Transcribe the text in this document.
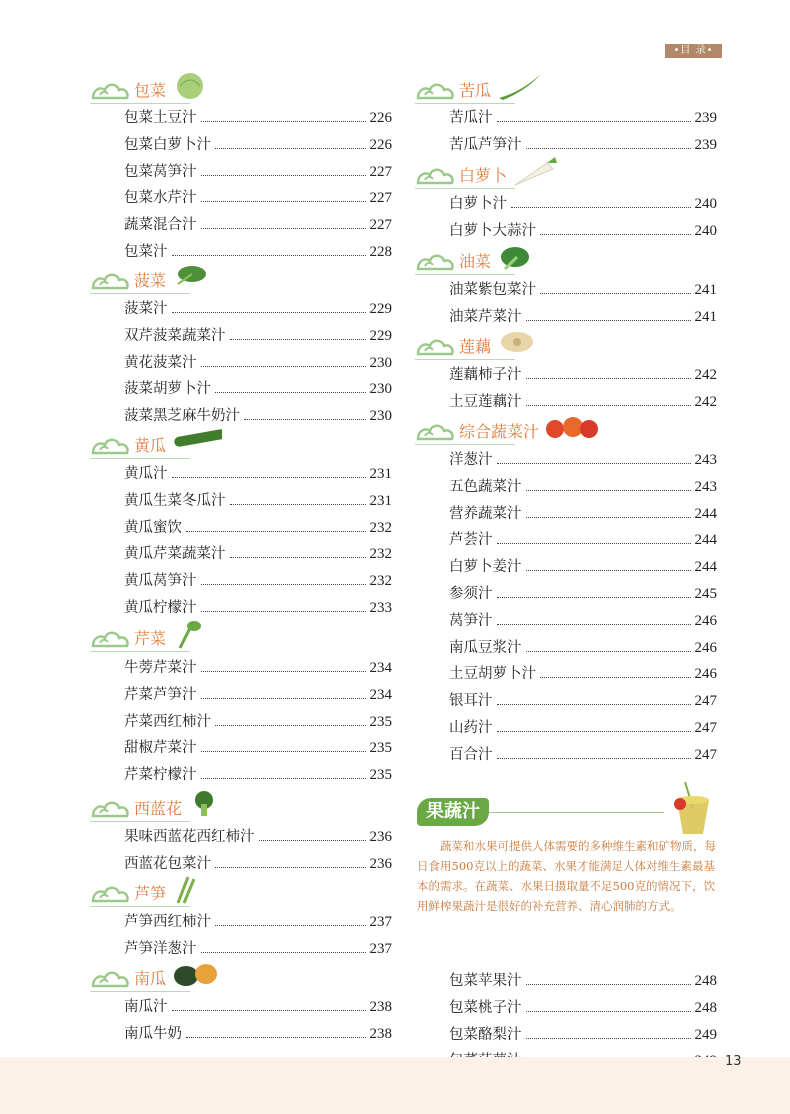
•目 录•
包菜
包菜土豆汁	226
包菜白萝卜汁	226
包菜莴笋汁	227
包菜水芹汁	227
蔬菜混合汁	227
包菜汁	228
菠菜
菠菜汁	229
双芹菠菜蔬菜汁	229
黄花菠菜汁	230
菠菜胡萝卜汁	230
菠菜黑芝麻牛奶汁	230
黄瓜
黄瓜汁	231
黄瓜生菜冬瓜汁	231
黄瓜蜜饮	232
黄瓜芹菜蔬菜汁	232
黄瓜莴笋汁	232
黄瓜柠檬汁	233
芹菜
牛蒡芹菜汁	234
芹菜芦笋汁	234
芹菜西红柿汁	235
甜椒芹菜汁	235
芹菜柠檬汁	235
西蓝花
果味西蓝花西红柿汁	236
西蓝花包菜汁	236
芦笋
芦笋西红柿汁	237
芦笋洋葱汁	237
南瓜
南瓜汁	238
南瓜牛奶	238
苦瓜
苦瓜汁	239
苦瓜芦笋汁	239
白萝卜
白萝卜汁	240
白萝卜大蒜汁	240
油菜
油菜紫包菜汁	241
油菜芹菜汁	241
莲藕
莲藕柿子汁	242
土豆莲藕汁	242
综合蔬菜汁
洋葱汁	243
五色蔬菜汁	243
营养蔬菜汁	244
芦荟汁	244
白萝卜姜汁	244
参须汁	245
莴笋汁	246
南瓜豆浆汁	246
土豆胡萝卜汁	246
银耳汁	247
山药汁	247
百合汁	247
果蔬汁
蔬菜和水果可提供人体需要的多种维生素和矿物质，每日食用500克以上的蔬菜、水果才能满足人体对维生素最基本的需求。在蔬菜、水果日摄取量不足500克的情况下，饮用鲜榨果蔬汁是很好的补充营养、清心润肺的方式。
包菜苹果汁	248
包菜桃子汁	248
包菜酪梨汁	249
13
